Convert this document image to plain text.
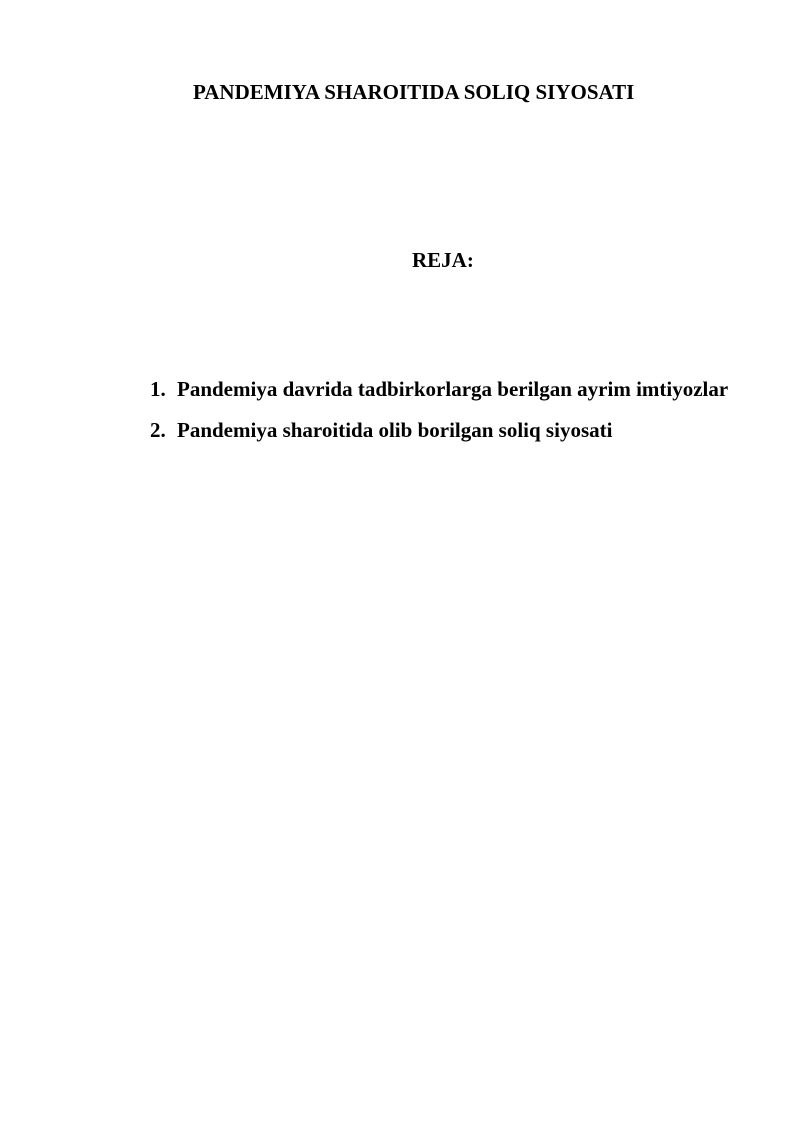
PANDEMIYA SHAROITIDA SOLIQ SIYOSATI
REJA:
1. Pandemiya davrida tadbirkorlarga berilgan ayrim imtiyozlar
2. Pandemiya sharoitida olib borilgan soliq siyosati
